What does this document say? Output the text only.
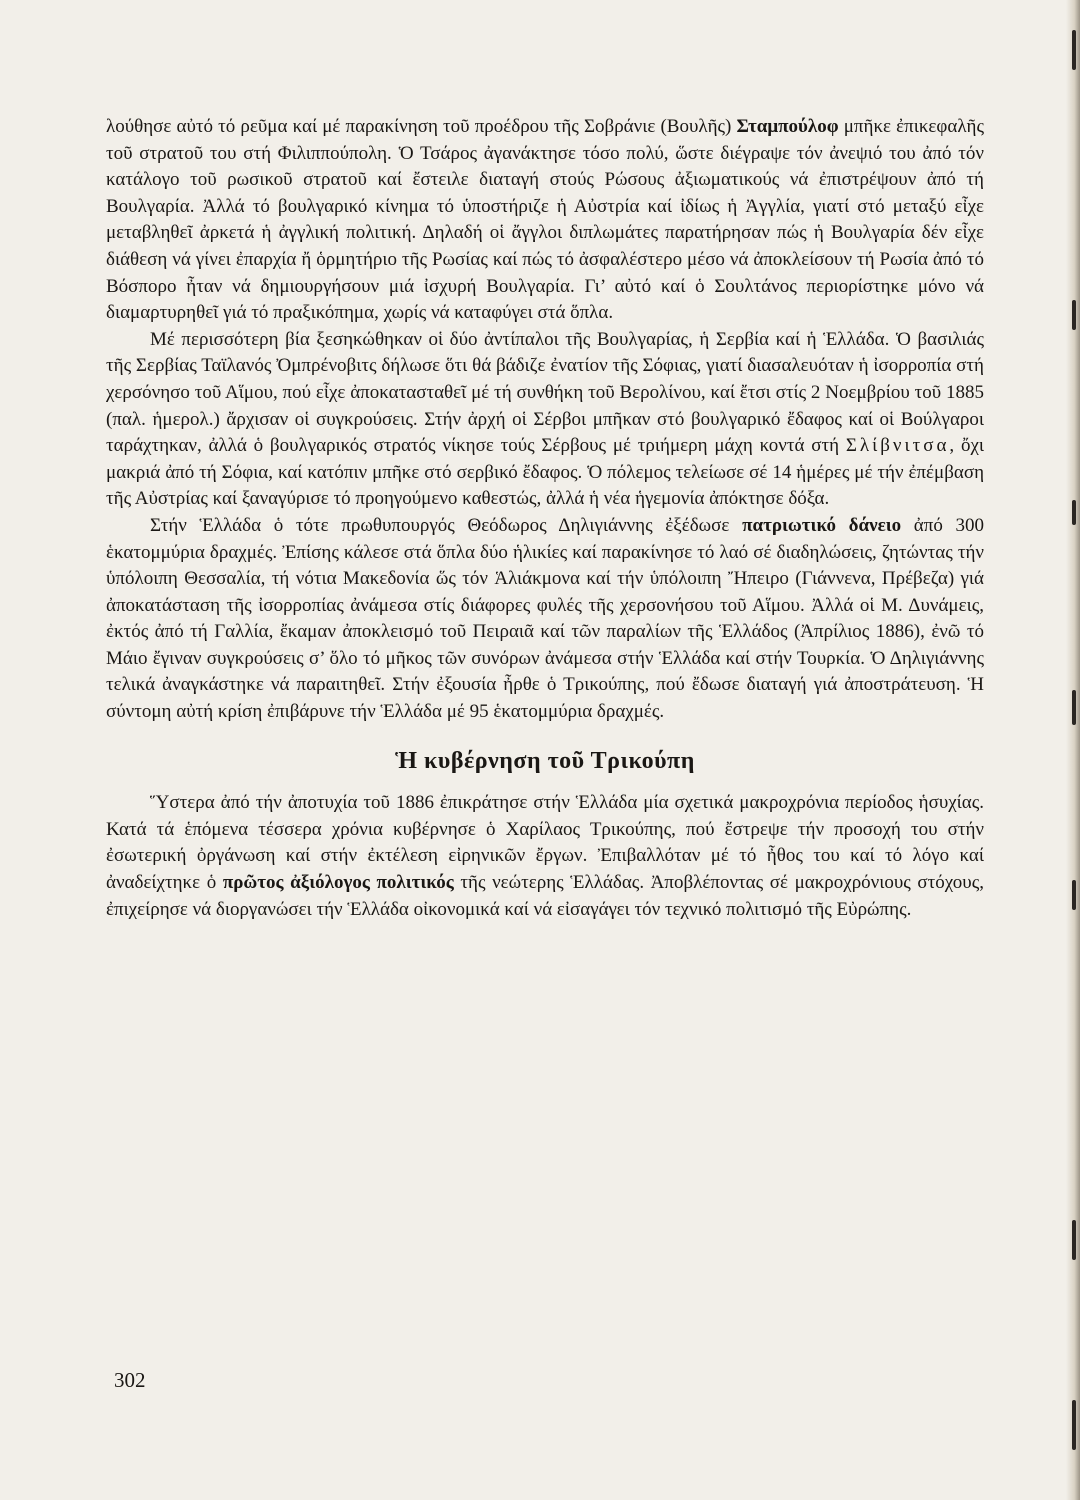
λούθησε αὐτό τό ρεῦμα καί μέ παρακίνηση τοῦ προέδρου τῆς Σοβράνιε (Βουλῆς) Σταμπούλοφ μπῆκε ἐπικεφαλῆς τοῦ στρατοῦ του στή Φιλιππούπολη. Ὁ Τσάρος ἀγανάκτησε τόσο πολύ, ὥστε διέγραψε τόν ἀνεψιό του ἀπό τόν κατάλογο τοῦ ρωσικοῦ στρατοῦ καί ἔστειλε διαταγή στούς Ρώσους ἀξιωματικούς νά ἐπιστρέψουν ἀπό τή Βουλγαρία. Ἀλλά τό βουλγαρικό κίνημα τό ὑποστήριζε ἡ Αὐστρία καί ἰδίως ἡ Ἀγγλία, γιατί στό μεταξύ εἶχε μεταβληθεῖ ἀρκετά ἡ ἀγγλική πολιτική. Δηλαδή οἱ ἄγγλοι διπλωμάτες παρατήρησαν πώς ἡ Βουλγαρία δέν εἶχε διάθεση νά γίνει ἐπαρχία ἤ ὁρμητήριο τῆς Ρωσίας καί πώς τό ἀσφαλέστερο μέσο νά ἀποκλείσουν τή Ρωσία ἀπό τό Βόσπορο ἦταν νά δημιουργήσουν μιά ἰσχυρή Βουλγαρία. Γι’ αὐτό καί ὁ Σουλτάνος περιορίστηκε μόνο νά διαμαρτυρηθεῖ γιά τό πραξικόπημα, χωρίς νά καταφύγει στά ὅπλα.

Μέ περισσότερη βία ξεσηκώθηκαν οἱ δύο ἀντίπαλοι τῆς Βουλγαρίας, ἡ Σερβία καί ἡ Ἑλλάδα. Ὁ βασιλιάς τῆς Σερβίας Ταϊλανός Ὀμπρένοβιτς δήλωσε ὅτι θά βάδιζε ἐνατίον τῆς Σόφιας, γιατί διασαλευόταν ἡ ἰσορροπία στή χερσόνησο τοῦ Αἵμου, πού εἶχε ἀποκατασταθεῖ μέ τή συνθήκη τοῦ Βερολίνου, καί ἔτσι στίς 2 Νοεμβρίου τοῦ 1885 (παλ. ἡμερολ.) ἄρχισαν οἱ συγκρούσεις. Στήν ἀρχή οἱ Σέρβοι μπῆκαν στό βουλγαρικό ἔδαφος καί οἱ Βούλγαροι ταράχτηκαν, ἀλλά ὁ βουλγαρικός στρατός νίκησε τούς Σέρβους μέ τριήμερη μάχη κοντά στή Σλίβνιτσα, ὄχι μακριά ἀπό τή Σόφια, καί κατόπιν μπῆκε στό σερβικό ἔδαφος. Ὁ πόλεμος τελείωσε σέ 14 ἡμέρες μέ τήν ἐπέμβαση τῆς Αὐστρίας καί ξαναγύρισε τό προηγούμενο καθεστώς, ἀλλά ἡ νέα ἡγεμονία ἀπόκτησε δόξα.

Στήν Ἑλλάδα ὁ τότε πρωθυπουργός Θεόδωρος Δηλιγιάννης ἐξέδωσε πατριωτικό δάνειο ἀπό 300 ἑκατομμύρια δραχμές. Ἐπίσης κάλεσε στά ὅπλα δύο ἡλικίες καί παρακίνησε τό λαό σέ διαδηλώσεις, ζητώντας τήν ὑπόλοιπη Θεσσαλία, τή νότια Μακεδονία ὥς τόν Ἁλιάκμονα καί τήν ὑπόλοιπη Ἤπειρο (Γιάννενα, Πρέβεζα) γιά ἀποκατάσταση τῆς ἰσορροπίας ἀνάμεσα στίς διάφορες φυλές τῆς χερσονήσου τοῦ Αἵμου. Ἀλλά οἱ Μ. Δυνάμεις, ἐκτός ἀπό τή Γαλλία, ἔκαμαν ἀποκλεισμό τοῦ Πειραιᾶ καί τῶν παραλίων τῆς Ἑλλάδος (Ἀπρίλιος 1886), ἐνῶ τό Μάιο ἔγιναν συγκρούσεις σ’ ὅλο τό μῆκος τῶν συνόρων ἀνάμεσα στήν Ἑλλάδα καί στήν Τουρκία. Ὁ Δηλιγιάννης τελικά ἀναγκάστηκε νά παραιτηθεῖ. Στήν ἐξουσία ἦρθε ὁ Τρικούπης, πού ἔδωσε διαταγή γιά ἀποστράτευση. Ἡ σύντομη αὐτή κρίση ἐπιβάρυνε τήν Ἑλλάδα μέ 95 ἑκατομμύρια δραχμές.

Ἡ κυβέρνηση τοῦ Τρικούπη

Ὕστερα ἀπό τήν ἀποτυχία τοῦ 1886 ἐπικράτησε στήν Ἑλλάδα μία σχετικά μακροχρόνια περίοδος ἡσυχίας. Κατά τά ἑπόμενα τέσσερα χρόνια κυβέρνησε ὁ Χαρίλαος Τρικούπης, πού ἔστρεψε τήν προσοχή του στήν ἐσωτερική ὀργάνωση καί στήν ἐκτέλεση εἰρηνικῶν ἔργων. Ἐπιβαλλόταν μέ τό ἦθος του καί τό λόγο καί ἀναδείχτηκε ὁ πρῶτος ἀξιόλογος πολιτικός τῆς νεώτερης Ἑλλάδας. Ἀποβλέποντας σέ μακροχρόνιους στόχους, ἐπιχείρησε νά διοργανώσει τήν Ἑλλάδα οἰκονομικά καί νά εἰσαγάγει τόν τεχνικό πολιτισμό τῆς Εὐρώπης.

302
